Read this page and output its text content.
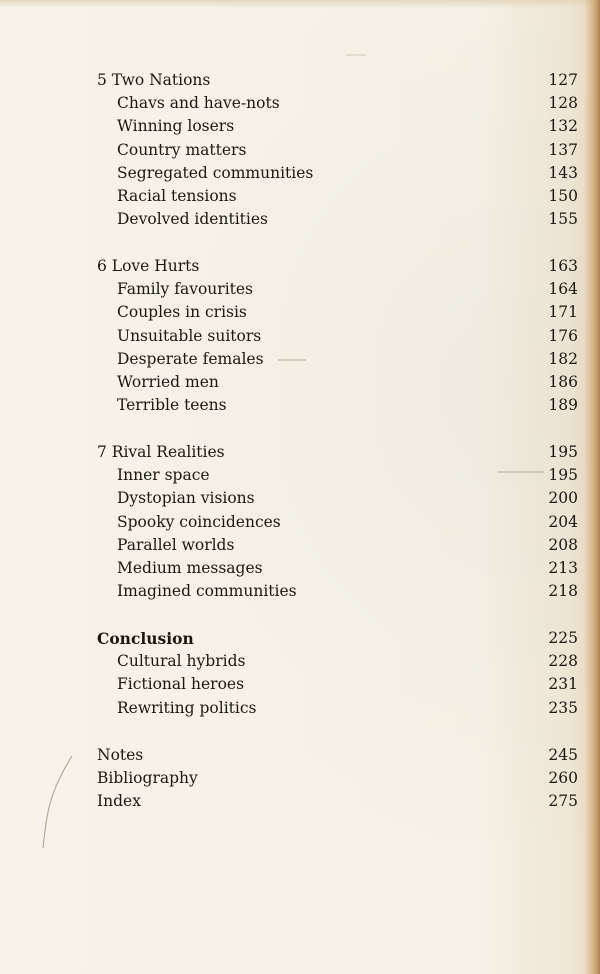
5 Two Nations	127
Chavs and have-nots	128
Winning losers	132
Country matters	137
Segregated communities	143
Racial tensions	150
Devolved identities	155
6 Love Hurts	163
Family favourites	164
Couples in crisis	171
Unsuitable suitors	176
Desperate females	182
Worried men	186
Terrible teens	189
7 Rival Realities	195
Inner space	195
Dystopian visions	200
Spooky coincidences	204
Parallel worlds	208
Medium messages	213
Imagined communities	218
Conclusion	225
Cultural hybrids	228
Fictional heroes	231
Rewriting politics	235
Notes	245
Bibliography	260
Index	275
